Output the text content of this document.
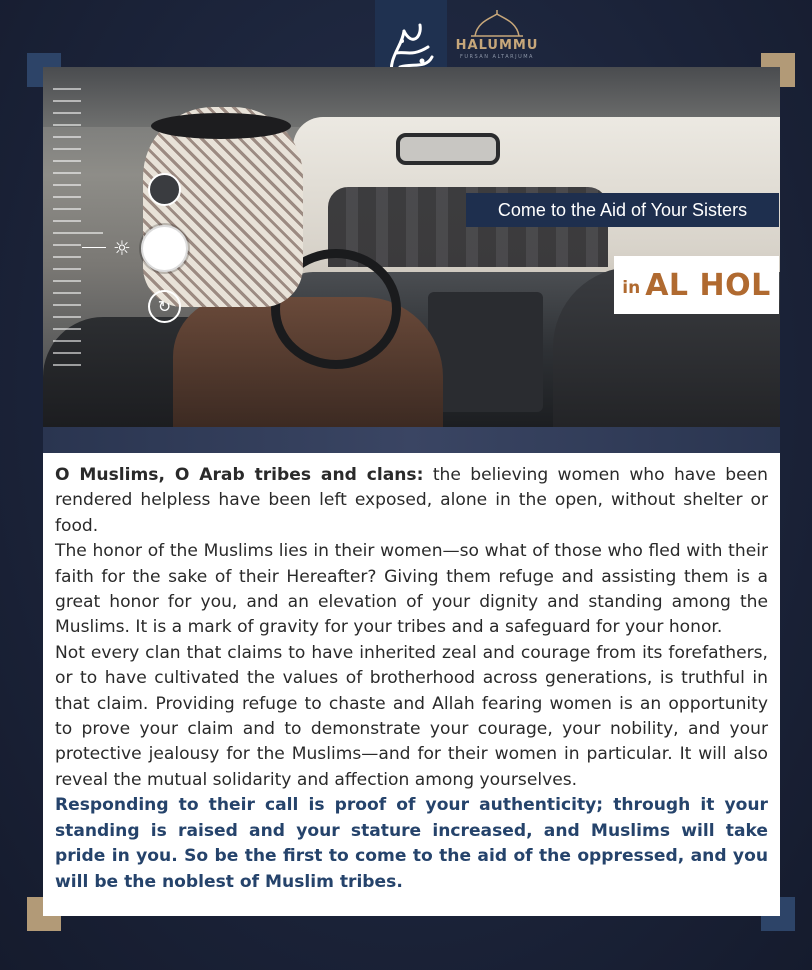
HALUMMU
FURSAN ALTARJUMA
☼
↻
Come to the Aid of Your Sisters
in AL HOL

O Muslims, O Arab tribes and clans: the believing women who have been rendered helpless have been left exposed, alone in the open, without shelter or food.

The honor of the Muslims lies in their women—so what of those who fled with their faith for the sake of their Hereafter? Giving them refuge and assisting them is a great honor for you, and an elevation of your dignity and standing among the Muslims. It is a mark of gravity for your tribes and a safeguard for your honor.

Not every clan that claims to have inherited zeal and courage from its forefathers, or to have cultivated the values of brotherhood across generations, is truthful in that claim. Providing refuge to chaste and Allah fearing women is an opportunity to prove your claim and to demonstrate your courage, your nobility, and your protective jealousy for the Muslims—and for their women in particular. It will also reveal the mutual solidarity and affection among yourselves.

Responding to their call is proof of your authenticity; through it your standing is raised and your stature increased, and Muslims will take pride in you. So be the first to come to the aid of the oppressed, and you will be the noblest of Muslim tribes.
